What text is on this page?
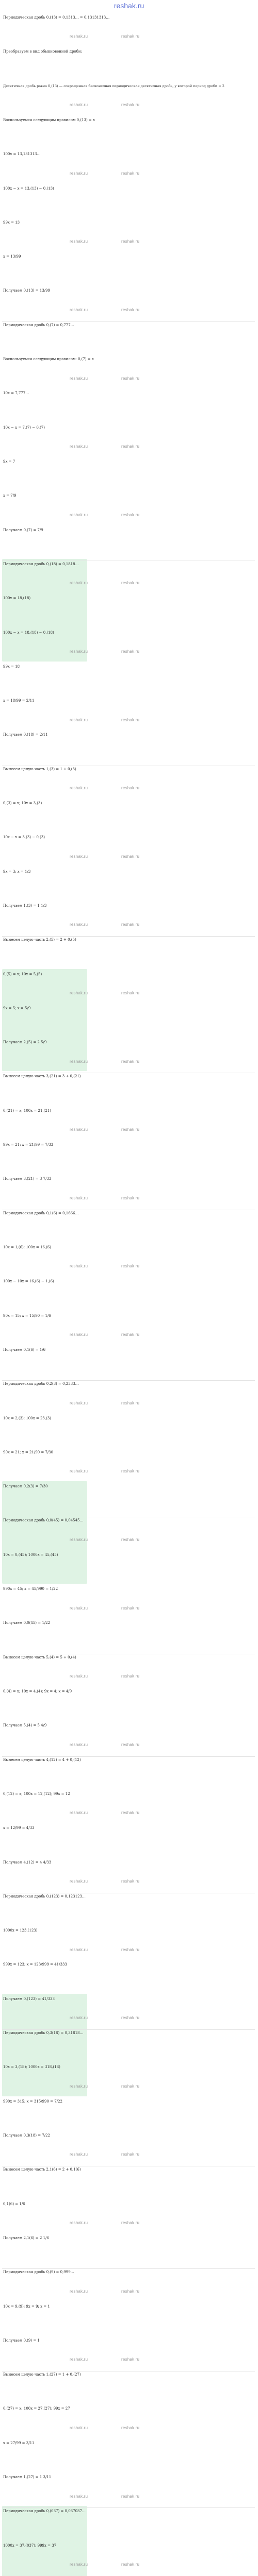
reshak.ru
Периодическая дробь 0,(13) = 0,1313… = 0,13131313…
reshak.ru	reshak.ru
Преобразуем в вид обыкновенной дроби:
Десятичная дробь равна 0,(13) — сокращенная бесконечная периодическая десятичная дробь, у которой период дроби = 2
reshak.ru	reshak.ru
Воспользуемся следующим правилом 0,(13) = x
100x = 13,131313…
reshak.ru	reshak.ru
100x − x = 13,(13) − 0,(13)
99x = 13
reshak.ru	reshak.ru
x = 13/99
Получаем 0,(13) = 13/99
reshak.ru	reshak.ru
Периодическая дробь 0,(7) = 0,777…
Воспользуемся следующим правилом: 0,(7) = x
reshak.ru	reshak.ru
10x = 7,777…
10x − x = 7,(7) − 0,(7)
reshak.ru	reshak.ru
9x = 7
x = 7/9
reshak.ru	reshak.ru
Получаем 0,(7) = 7/9
Периодическая дробь 0,(18) = 0,1818…
reshak.ru	reshak.ru
100x = 18,(18)
100x − x = 18,(18) − 0,(18)
reshak.ru	reshak.ru
99x = 18
x = 18/99 = 2/11
reshak.ru	reshak.ru
Получаем 0,(18) = 2/11
Вынесем целую часть 1,(3) = 1 + 0,(3)
reshak.ru	reshak.ru
0,(3) = x; 10x = 3,(3)
10x − x = 3,(3) − 0,(3)
reshak.ru	reshak.ru
9x = 3; x = 1/3
Получаем 1,(3) = 1 1/3
reshak.ru	reshak.ru
Вынесем целую часть 2,(5) = 2 + 0,(5)
0,(5) = x; 10x = 5,(5)
reshak.ru	reshak.ru
9x = 5; x = 5/9
Получаем 2,(5) = 2 5/9
reshak.ru	reshak.ru
Вынесем целую часть 3,(21) = 3 + 0,(21)
0,(21) = x; 100x = 21,(21)
reshak.ru	reshak.ru
99x = 21; x = 21/99 = 7/33
Получаем 3,(21) = 3 7/33
reshak.ru	reshak.ru
Периодическая дробь 0,1(6) = 0,1666…
10x = 1,(6); 100x = 16,(6)
reshak.ru	reshak.ru
100x − 10x = 16,(6) − 1,(6)
90x = 15; x = 15/90 = 1/6
reshak.ru	reshak.ru
Получаем 0,1(6) = 1/6
Периодическая дробь 0,2(3) = 0,2333…
reshak.ru	reshak.ru
10x = 2,(3); 100x = 23,(3)
90x = 21; x = 21/90 = 7/30
reshak.ru	reshak.ru
Получаем 0,2(3) = 7/30
Периодическая дробь 0,0(45) = 0,04545…
reshak.ru	reshak.ru
10x = 0,(45); 1000x = 45,(45)
990x = 45; x = 45/990 = 1/22
reshak.ru	reshak.ru
Получаем 0,0(45) = 1/22
Вынесем целую часть 5,(4) = 5 + 0,(4)
reshak.ru	reshak.ru
0,(4) = x; 10x = 4,(4); 9x = 4; x = 4/9
Получаем 5,(4) = 5 4/9
reshak.ru	reshak.ru
Вынесем целую часть 4,(12) = 4 + 0,(12)
0,(12) = x; 100x = 12,(12); 99x = 12
reshak.ru	reshak.ru
x = 12/99 = 4/33
Получаем 4,(12) = 4 4/33
reshak.ru	reshak.ru
Периодическая дробь 0,(123) = 0,123123…
1000x = 123,(123)
reshak.ru	reshak.ru
999x = 123; x = 123/999 = 41/333
Получаем 0,(123) = 41/333
reshak.ru	reshak.ru
Периодическая дробь 0,3(18) = 0,31818…
10x = 3,(18); 1000x = 318,(18)
reshak.ru	reshak.ru
990x = 315; x = 315/990 = 7/22
Получаем 0,3(18) = 7/22
reshak.ru	reshak.ru
Вынесем целую часть 2,1(6) = 2 + 0,1(6)
0,1(6) = 1/6
reshak.ru	reshak.ru
Получаем 2,1(6) = 2 1/6
Периодическая дробь 0,(9) = 0,999…
reshak.ru	reshak.ru
10x = 9,(9); 9x = 9; x = 1
Получаем 0,(9) = 1
reshak.ru	reshak.ru
Вынесем целую часть 1,(27) = 1 + 0,(27)
0,(27) = x; 100x = 27,(27); 99x = 27
reshak.ru	reshak.ru
x = 27/99 = 3/11
Получаем 1,(27) = 1 3/11
reshak.ru	reshak.ru
Периодическая дробь 0,(037) = 0,037037…
1000x = 37,(037); 999x = 37
reshak.ru	reshak.ru
